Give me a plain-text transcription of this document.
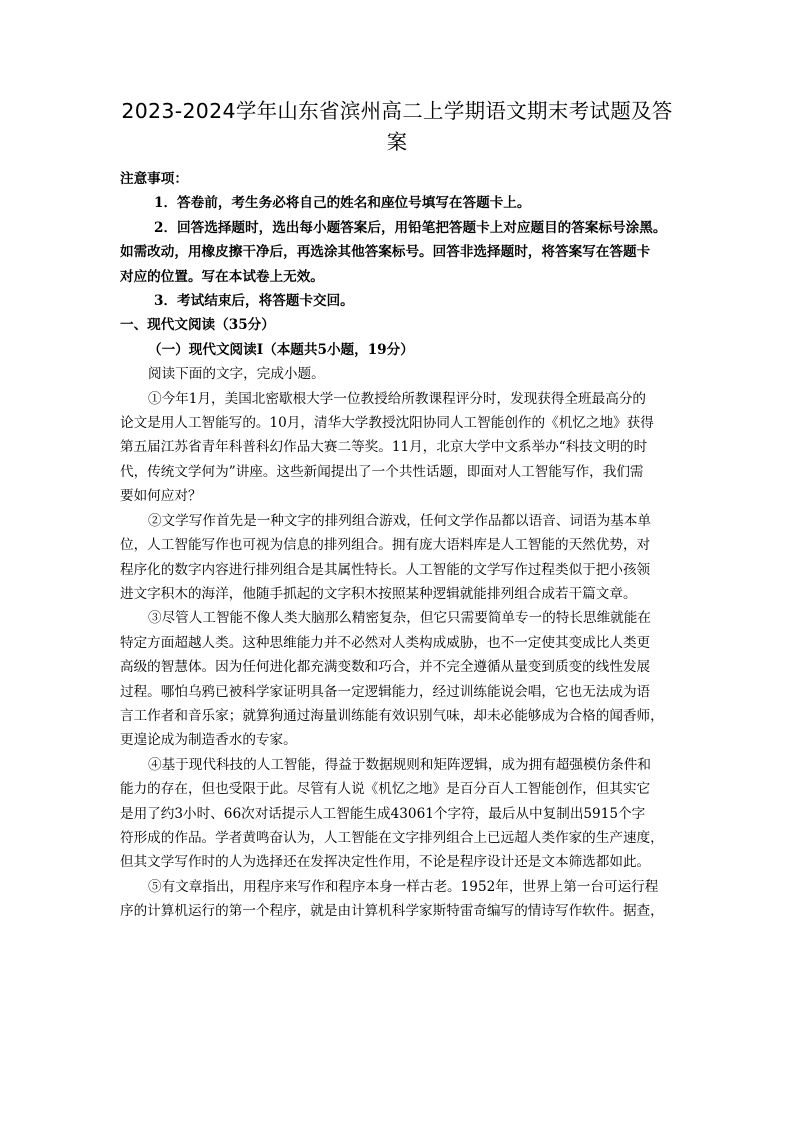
2023-2024学年山东省滨州高二上学期语文期末考试题及答
案
注意事项：
1．答卷前，考生务必将自己的姓名和座位号填写在答题卡上。
2．回答选择题时，选出每小题答案后，用铅笔把答题卡上对应题目的答案标号涂黑。
如需改动，用橡皮擦干净后，再选涂其他答案标号。回答非选择题时，将答案写在答题卡
对应的位置。写在本试卷上无效。
3．考试结束后，将答题卡交回。
一、现代文阅读（35分）
（一）现代文阅读Ⅰ（本题共5小题，19分）
阅读下面的文字，完成小题。
①今年1月，美国北密歇根大学一位教授给所教课程评分时，发现获得全班最高分的
论文是用人工智能写的。10月，清华大学教授沈阳协同人工智能创作的《机忆之地》获得
第五届江苏省青年科普科幻作品大赛二等奖。11月，北京大学中文系举办“科技文明的时
代，传统文学何为”讲座。这些新闻提出了一个共性话题，即面对人工智能写作，我们需
要如何应对？
②文学写作首先是一种文字的排列组合游戏，任何文学作品都以语音、词语为基本单
位，人工智能写作也可视为信息的排列组合。拥有庞大语料库是人工智能的天然优势，对
程序化的数字内容进行排列组合是其属性特长。人工智能的文学写作过程类似于把小孩领
进文字积木的海洋，他随手抓起的文字积木按照某种逻辑就能排列组合成若干篇文章。
③尽管人工智能不像人类大脑那么精密复杂，但它只需要简单专一的特长思维就能在
特定方面超越人类。这种思维能力并不必然对人类构成威胁，也不一定使其变成比人类更
高级的智慧体。因为任何进化都充满变数和巧合，并不完全遵循从量变到质变的线性发展
过程。哪怕乌鸦已被科学家证明具备一定逻辑能力，经过训练能说会唱，它也无法成为语
言工作者和音乐家；就算狗通过海量训练能有效识别气味，却未必能够成为合格的闻香师，
更遑论成为制造香水的专家。
④基于现代科技的人工智能，得益于数据规则和矩阵逻辑，成为拥有超强模仿条件和
能力的存在，但也受限于此。尽管有人说《机忆之地》是百分百人工智能创作，但其实它
是用了约3小时、66次对话提示人工智能生成43061个字符，最后从中复制出5915个字
符形成的作品。学者黄鸣奋认为，人工智能在文字排列组合上已远超人类作家的生产速度，
但其文学写作时的人为选择还在发挥决定性作用，不论是程序设计还是文本筛选都如此。
⑤有文章指出，用程序来写作和程序本身一样古老。1952年，世界上第一台可运行程
序的计算机运行的第一个程序，就是由计算机科学家斯特雷奇编写的情诗写作软件。据查，
